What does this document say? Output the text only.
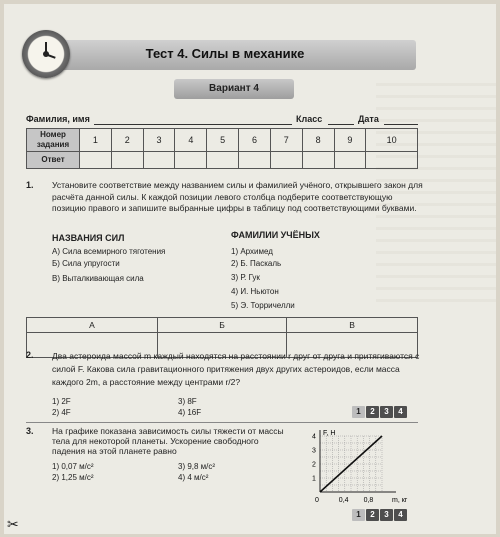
Тест 4. Силы в механике
Вариант 4
Фамилия, имя	Класс	Дата
Номер задания	1	2	3	4	5	6	7	8	9	10
Ответ										
1. Установите соответствие между названием силы и фамилией учёного, открывшего закон для расчёта данной силы. К каждой позиции левого столбца подберите соответствующую позицию правого и запишите выбранные цифры в таблицу под соответствующими буквами.
НАЗВАНИЯ СИЛ	ФАМИЛИИ УЧЁНЫХ
А) Сила всемирного тяготения
Б) Сила упругости
В) Выталкивающая сила
1) Архимед
2) Б. Паскаль
3) Р. Гук
4) И. Ньютон
5) Э. Торричелли
А	Б	В

2. Два астероида массой m каждый находятся на расстоянии r друг от друга и притягиваются с силой F. Какова сила гравитационного притяжения двух других астероидов, если масса каждого 2m, а расстояние между центрами r/2?
1) 2F
2) 4F
3) 8F
4) 16F	1	2	3	4
3. На графике показана зависимость силы тяжести от массы тела для некоторой планеты. Ускорение свободного падения на этой планете равно
1) 0,07 м/с²
2) 1,25 м/с²
3) 9,8 м/с²
4) 4 м/с²
F, Н
m, кг
0	0,4 0,8
1
2
3
4
1	2	3	4
✂
